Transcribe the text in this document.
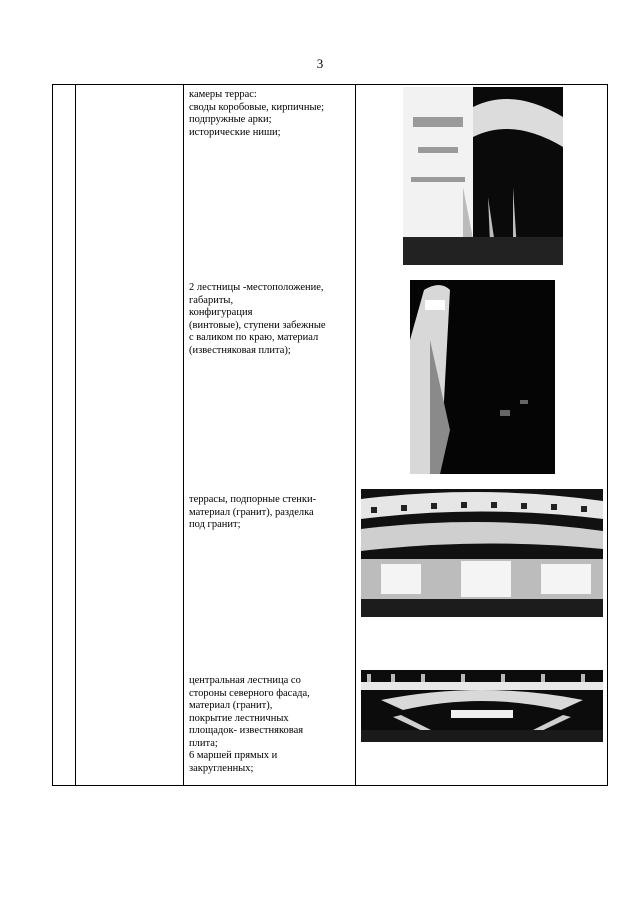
3
камеры террас:
своды коробовые, кирпичные;
подпружные арки;
исторические ниши;
2 лестницы -местоположение,
габариты,
конфигурация
(винтовые), ступени забежные
с валиком по краю, материал
(известняковая плита);
террасы, подпорные стенки-
материал (гранит), разделка
под гранит;
центральная лестница со
стороны северного фасада,
материал (гранит),
покрытие лестничных
площадок- известняковая
плита;
6 маршей прямых и
закругленных;
